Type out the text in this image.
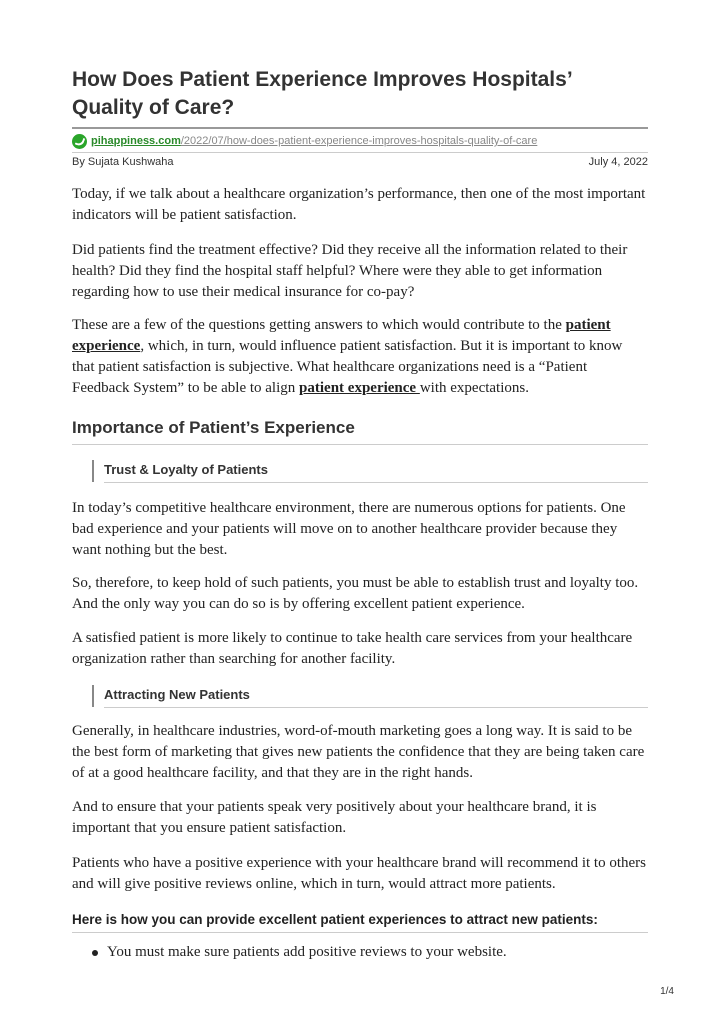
How Does Patient Experience Improves Hospitals’ Quality of Care?
pihappiness.com /2022/07/how-does-patient-experience-improves-hospitals-quality-of-care
By Sujata Kushwaha	July 4, 2022

Today, if we talk about a healthcare organization’s performance, then one of the most important indicators will be patient satisfaction.

Did patients find the treatment effective? Did they receive all the information related to their health? Did they find the hospital staff helpful? Where were they able to get information regarding how to use their medical insurance for co-pay?

These are a few of the questions getting answers to which would contribute to the patient experience, which, in turn, would influence patient satisfaction. But it is important to know that patient satisfaction is subjective. What healthcare organizations need is a “Patient Feedback System” to be able to align patient experience with expectations.

Importance of Patient’s Experience
Trust & Loyalty of Patients

In today’s competitive healthcare environment, there are numerous options for patients. One bad experience and your patients will move on to another healthcare provider because they want nothing but the best.

So, therefore, to keep hold of such patients, you must be able to establish trust and loyalty too. And the only way you can do so is by offering excellent patient experience.

A satisfied patient is more likely to continue to take health care services from your healthcare organization rather than searching for another facility.

Attracting New Patients

Generally, in healthcare industries, word-of-mouth marketing goes a long way. It is said to be the best form of marketing that gives new patients the confidence that they are being taken care of at a good healthcare facility, and that they are in the right hands.

And to ensure that your patients speak very positively about your healthcare brand, it is important that you ensure patient satisfaction.

Patients who have a positive experience with your healthcare brand will recommend it to others and will give positive reviews online, which in turn, would attract more patients.

Here is how you can provide excellent patient experiences to attract new patients:
You must make sure patients add positive reviews to your website.
1/4
